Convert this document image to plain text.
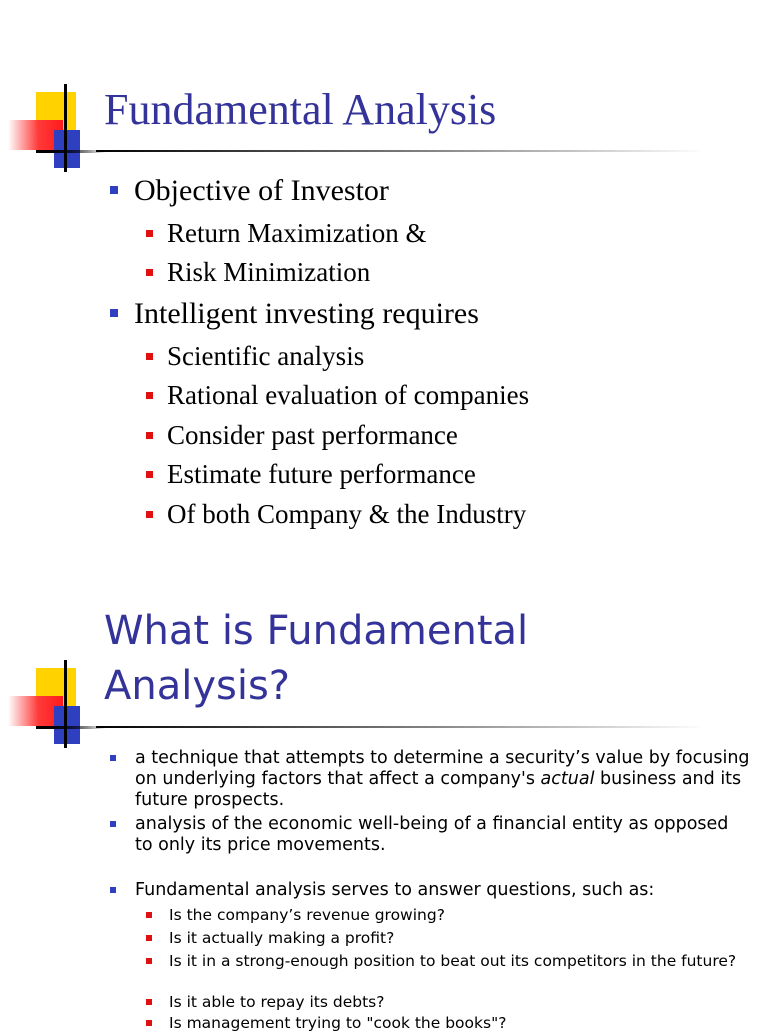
Fundamental Analysis
Objective of Investor
Return Maximization &
Risk Minimization
Intelligent investing requires
Scientific analysis
Rational evaluation of companies
Consider past performance
Estimate future performance
Of both Company & the Industry
What is Fundamental
Analysis?
a technique that attempts to determine a security’s value by focusing on underlying factors that affect a company's actual business and its future prospects.
analysis of the economic well-being of a financial entity as opposed to only its price movements.
Fundamental analysis serves to answer questions, such as:
Is the company’s revenue growing?
Is it actually making a profit?
Is it in a strong-enough position to beat out its competitors in the future?
Is it able to repay its debts?
Is management trying to "cook the books"?
